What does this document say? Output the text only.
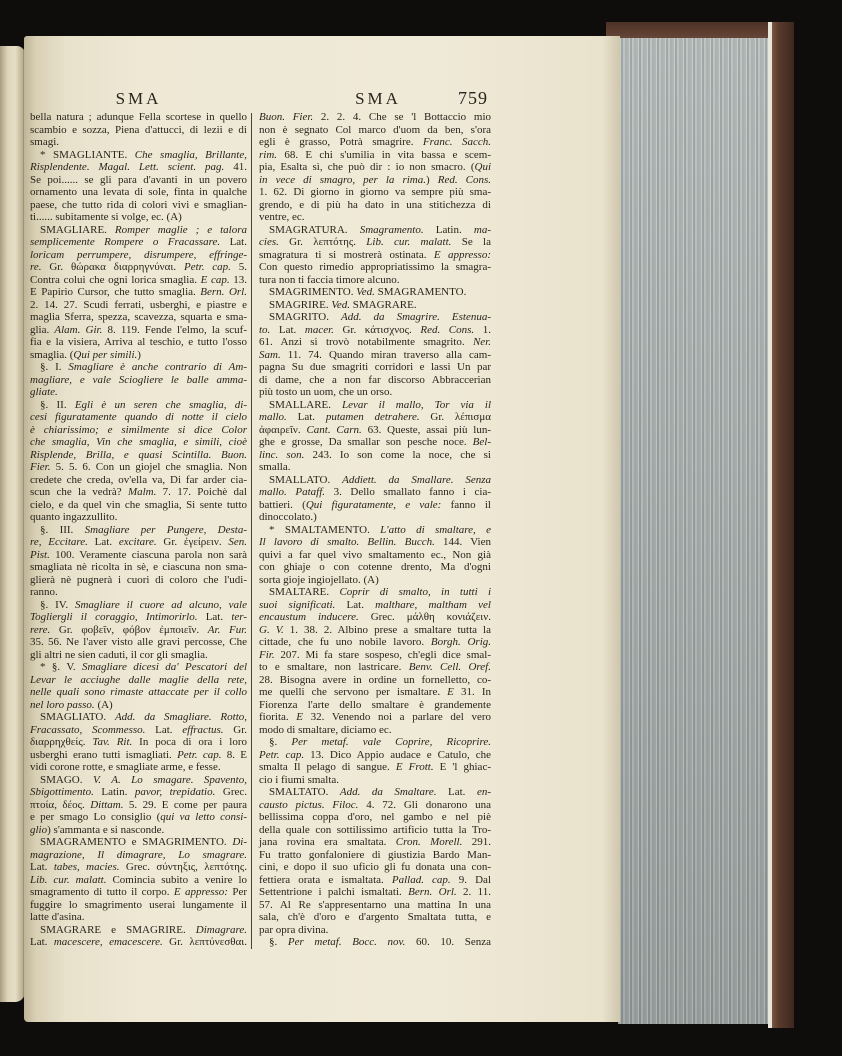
SMA	SMA	759
bella natura ; adunque Fella scortese in quello
scambio e sozza, Piena d'attucci, di lezii e di
smagi.
* SMAGLIANTE. Che smaglia, Brillante,
Risplendente. Magal. Lett. scient. pag. 41.
Se poi...... se gli para d'avanti in un povero
ornamento una levata di sole, finta in qualche
paese, che tutto rida di colori vivi e smaglian-
ti...... subitamente si volge, ec. (A)
SMAGLIARE. Romper maglie ; e talora
semplicemente Rompere o Fracassare. Lat.
loricam perrumpere, disrumpere, effringe-
re. Gr. θώρακα διαρρηγνύναι. Petr. cap. 5.
Contra colui che ogni lorica smaglia. E cap. 13.
E Papirio Cursor, che tutto smaglia. Bern. Orl.
2. 14. 27. Scudi ferrati, usberghi, e piastre e
maglia Sferra, spezza, scavezza, squarta e sma-
glia. Alam. Gir. 8. 119. Fende l'elmo, la scuf-
fia e la visiera, Arriva al teschio, e tutto l'osso
smaglia. (Qui per simili.)
§. I. Smagliare è anche contrario di Am-
magliare, e vale Sciogliere le balle amma-
gliate.
§. II. Egli è un seren che smaglia, di-
cesi figuratamente quando di notte il cielo
è chiarissimo; e similmente si dice Color
che smaglia, Vin che smaglia, e simili, cioè
Risplende, Brilla, e quasi Scintilla. Buon.
Fier. 5. 5. 6. Con un giojel che smaglia. Non
credete che creda, ov'ella va, Di far arder cia-
scun che la vedrà? Malm. 7. 17. Poichè dal
cielo, e da quel vin che smaglia, Si sente tutto
quanto ingazzullito.
§. III. Smagliare per Pungere, Desta-
re, Eccitare. Lat. excitare. Gr. ἐγείρειν. Sen.
Pist. 100. Veramente ciascuna parola non sarà
smagliata nè ricolta in sè, e ciascuna non sma-
glierà nè pugnerà i cuori di coloro che l'udi-
ranno.
§. IV. Smagliare il cuore ad alcuno, vale
Togliergli il coraggio, Intimorirlo. Lat. ter-
rere. Gr. φοβεῖν, φόβον ἐμποιεῖν. Ar. Fur.
35. 56. Ne l'aver visto alle gravi percosse, Che
gli altri ne sien caduti, il cor gli smaglia.
* §. V. Smagliare dicesi da' Pescatori del
Levar le acciughe dalle maglie della rete,
nelle quali sono rimaste attaccate per il collo
nel loro passo. (A)
SMAGLIATO. Add. da Smagliare. Rotto,
Fracassato, Scommesso. Lat. effractus. Gr.
διαρρηχθείς. Tav. Rit. In poca di ora i loro
usberghi erano tutti ismagliati. Petr. cap. 8. E
vidi corone rotte, e smagliate arme, e fesse.
SMAGO. V. A. Lo smagare. Spavento,
Sbigottimento. Latin. pavor, trepidatio. Grec.
πτοία, δέος. Dittam. 5. 29. E come per paura
e per smago Lo consiglio (qui va letto consi-
glio) s'ammanta e si nasconde.
SMAGRAMENTO e SMAGRIMENTO. Di-
magrazione, Il dimagrare, Lo smagrare.
Lat. tabes, macies. Grec. σύντηξις, λεπτότης.
Lib. cur. malatt. Comincia subito a venire lo
smagramento di tutto il corpo. E appresso: Per
fuggire lo smagrimento userai lungamente il
latte d'asina.
SMAGRARE e SMAGRIRE. Dimagrare.
Lat. macescere, emacescere. Gr. λεπτύνεσθαι.
Buon. Fier. 2. 2. 4. Che se 'l Bottaccio mio
non è segnato Col marco d'uom da ben, s'ora
egli è grasso, Potrà smagrire. Franc. Sacch.
rim. 68. E chi s'umilia in vita bassa e scem-
pia, Esalta sì, che può dir : io non smacro. (Qui
in vece di smagro, per la rima.) Red. Cons.
1. 62. Di giorno in giorno va sempre più sma-
grendo, e di più ha dato in una stitichezza di
ventre, ec.
SMAGRATURA. Smagramento. Latin. ma-
cies. Gr. λεπτότης. Lib. cur. malatt. Se la
smagratura ti si mostrerà ostinata. E appresso:
Con questo rimedio appropriatissimo la smagra-
tura non ti faccia timore alcuno.
SMAGRIMENTO. Ved. SMAGRAMENTO.
SMAGRIRE. Ved. SMAGRARE.
SMAGRITO. Add. da Smagrire. Estenua-
to. Lat. macer. Gr. κάτισχνος. Red. Cons. 1.
61. Anzi si trovò notabilmente smagrito. Ner.
Sam. 11. 74. Quando miran traverso alla cam-
pagna Su due smagriti corridori e lassi Un par
di dame, che a non far discorso Abbraccerian
più tosto un uom, che un orso.
SMALLARE. Levar il mallo, Tor via il
mallo. Lat. putamen detrahere. Gr. λέπισμα
ἀφαιρεῖν. Cant. Carn. 63. Queste, assai più lun-
ghe e grosse, Da smallar son pesche noce. Bel-
linc. son. 243. Io son come la noce, che si
smalla.
SMALLATO. Addiett. da Smallare. Senza
mallo. Pataff. 3. Dello smallato fanno i cia-
battieri. (Qui figuratamente, e vale: fanno il
dinoccolato.)
* SMALTAMENTO. L'atto di smaltare, e
Il lavoro di smalto. Bellin. Bucch. 144. Vien
quivi a far quel vivo smaltamento ec., Non già
con ghiaje o con cotenne drento, Ma d'ogni
sorta gioje ingiojellato. (A)
SMALTARE. Coprir di smalto, in tutti i
suoi significati. Lat. malthare, maltham vel
encaustum inducere. Grec. μάλθη κονιάζειν.
G. V. 1. 38. 2. Albino prese a smaltare tutta la
cittade, che fu uno nobile lavoro. Borgh. Orig.
Fir. 207. Mi fa stare sospeso, ch'egli dice smal-
to e smaltare, non lastricare. Benv. Cell. Oref.
28. Bisogna avere in ordine un fornelletto, co-
me quelli che servono per ismaltare. E 31. In
Fiorenza l'arte dello smaltare è grandemente
fiorita. E 32. Venendo noi a parlare del vero
modo di smaltare, diciamo ec.
§. Per metaf. vale Coprire, Ricoprire.
Petr. cap. 13. Dico Appio audace e Catulo, che
smalta Il pelago di sangue. E Frott. E 'l ghiac-
cio i fiumi smalta.
SMALTATO. Add. da Smaltare. Lat. en-
causto pictus. Filoc. 4. 72. Gli donarono una
bellissima coppa d'oro, nel gambo e nel piè
della quale con sottilissimo artificio tutta la Tro-
jana rovina era smaltata. Cron. Morell. 291.
Fu tratto gonfaloniere di giustizia Bardo Man-
cini, e dopo il suo uficio gli fu donata una con-
fettiera orata e ismaltata. Pallad. cap. 9. Dal
Settentrione i palchi ismaltati. Bern. Orl. 2. 11.
57. Al Re s'appresentarno una mattina In una
sala, ch'è d'oro e d'argento Smaltata tutta, e
par opra divina.
§. Per metaf. Bocc. nov. 60. 10. Senza
